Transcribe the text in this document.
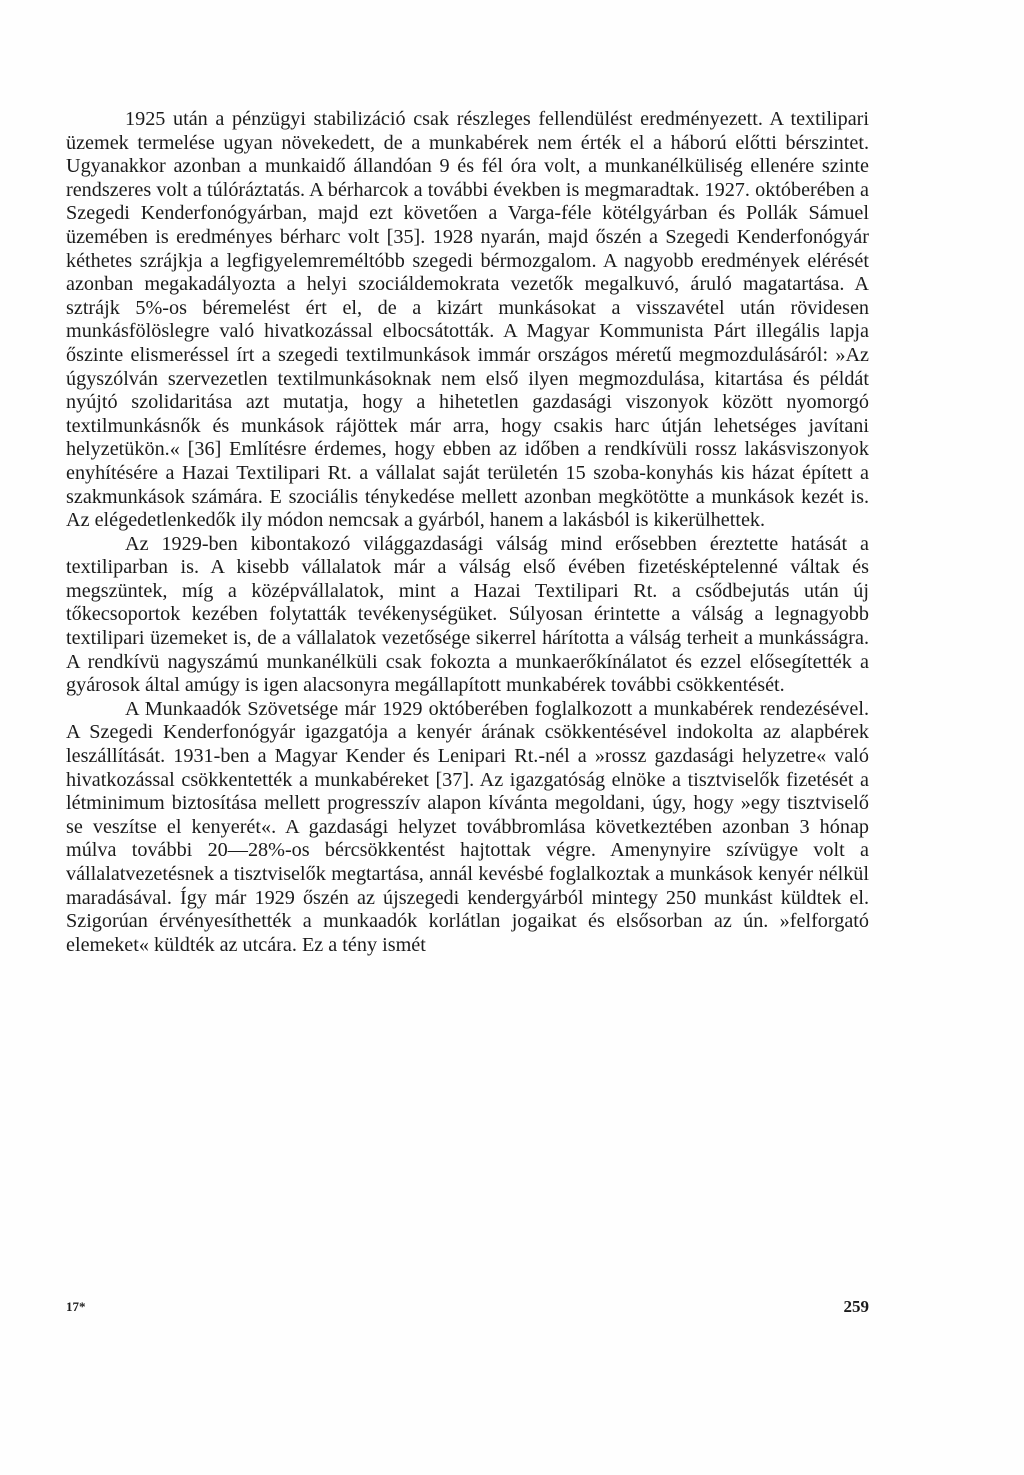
1925 után a pénzügyi stabilizáció csak részleges fellendülést eredményezett. A textilipari üzemek termelése ugyan növekedett, de a munkabérek nem érték el a háború előtti bérszintet. Ugyanakkor azonban a munkaidő állandóan 9 és fél óra volt, a munkanélküliség ellenére szinte rendszeres volt a túlóráztatás. A bérharcok a további években is megmaradtak. 1927. októberében a Szegedi Kenderfonógyárban, majd ezt követően a Varga-féle kötélgyárban és Pollák Sámuel üzemében is eredményes bérharc volt [35]. 1928 nyarán, majd őszén a Szegedi Kenderfonógyár kéthetes szrájkja a legfigyelemreméltóbb szegedi bérmozgalom. A nagyobb eredmények elérését azonban megakadályozta a helyi szociáldemokrata vezetők megalkuvó, áruló magatartása. A sztrájk 5%-os béremelést ért el, de a kizárt munkásokat a visszavétel után rövidesen munkásfölöslegre való hivatkozással elbocsátották. A Magyar Kommunista Párt illegális lapja őszinte elismeréssel írt a szegedi textilmunkások immár országos méretű megmozdulásáról: »Az úgyszólván szervezetlen textilmunkásoknak nem első ilyen megmozdulása, kitartása és példát nyújtó szolidaritása azt mutatja, hogy a hihetetlen gazdasági viszonyok között nyomorgó textilmunkásnők és munkások rájöttek már arra, hogy csakis harc útján lehetséges javítani helyzetükön.« [36] Említésre érdemes, hogy ebben az időben a rendkívüli rossz lakásviszonyok enyhítésére a Hazai Textilipari Rt. a vállalat saját területén 15 szoba-konyhás kis házat épített a szakmunkások számára. E szociális ténykedése mellett azonban megkötötte a munkások kezét is. Az elégedetlenkedők ily módon nemcsak a gyárból, hanem a lakásból is kikerülhettek.

Az 1929-ben kibontakozó világgazdasági válság mind erősebben éreztette hatását a textiliparban is. A kisebb vállalatok már a válság első évében fizetésképtelenné váltak és megszüntek, míg a középvállalatok, mint a Hazai Textilipari Rt. a csődbejutás után új tőkecsoportok kezében folytatták tevékenységüket. Súlyosan érintette a válság a legnagyobb textilipari üzemeket is, de a vállalatok vezetősége sikerrel hárította a válság terheit a munkásságra. A rendkívü nagyszámú munkanélküli csak fokozta a munkaerőkínálatot és ezzel elősegítették a gyárosok által amúgy is igen alacsonyra megállapított munkabérek további csökkentését.

A Munkaadók Szövetsége már 1929 októberében foglalkozott a munkabérek rendezésével. A Szegedi Kenderfonógyár igazgatója a kenyér árának csökkentésével indokolta az alapbérek leszállítását. 1931-ben a Magyar Kender és Lenipari Rt.-nél a »rossz gazdasági helyzetre« való hivatkozással csökkentették a munkabéreket [37]. Az igazgatóság elnöke a tisztviselők fizetését a létminimum biztosítása mellett progresszív alapon kívánta megoldani, úgy, hogy »egy tisztviselő se veszítse el kenyerét«. A gazdasági helyzet továbbromlása következtében azonban 3 hónap múlva további 20—28%-os bércsökkentést hajtottak végre. Amenynyire szívügye volt a vállalatvezetésnek a tisztviselők megtartása, annál kevésbé foglalkoztak a munkások kenyér nélkül maradásával. Így már 1929 őszén az újszegedi kendergyárból mintegy 250 munkást küldtek el. Szigorúan érvényesíthették a munkaadók korlátlan jogaikat és elsősorban az ún. »felforgató elemeket« küldték az utcára. Ez a tény ismét

17*	259
